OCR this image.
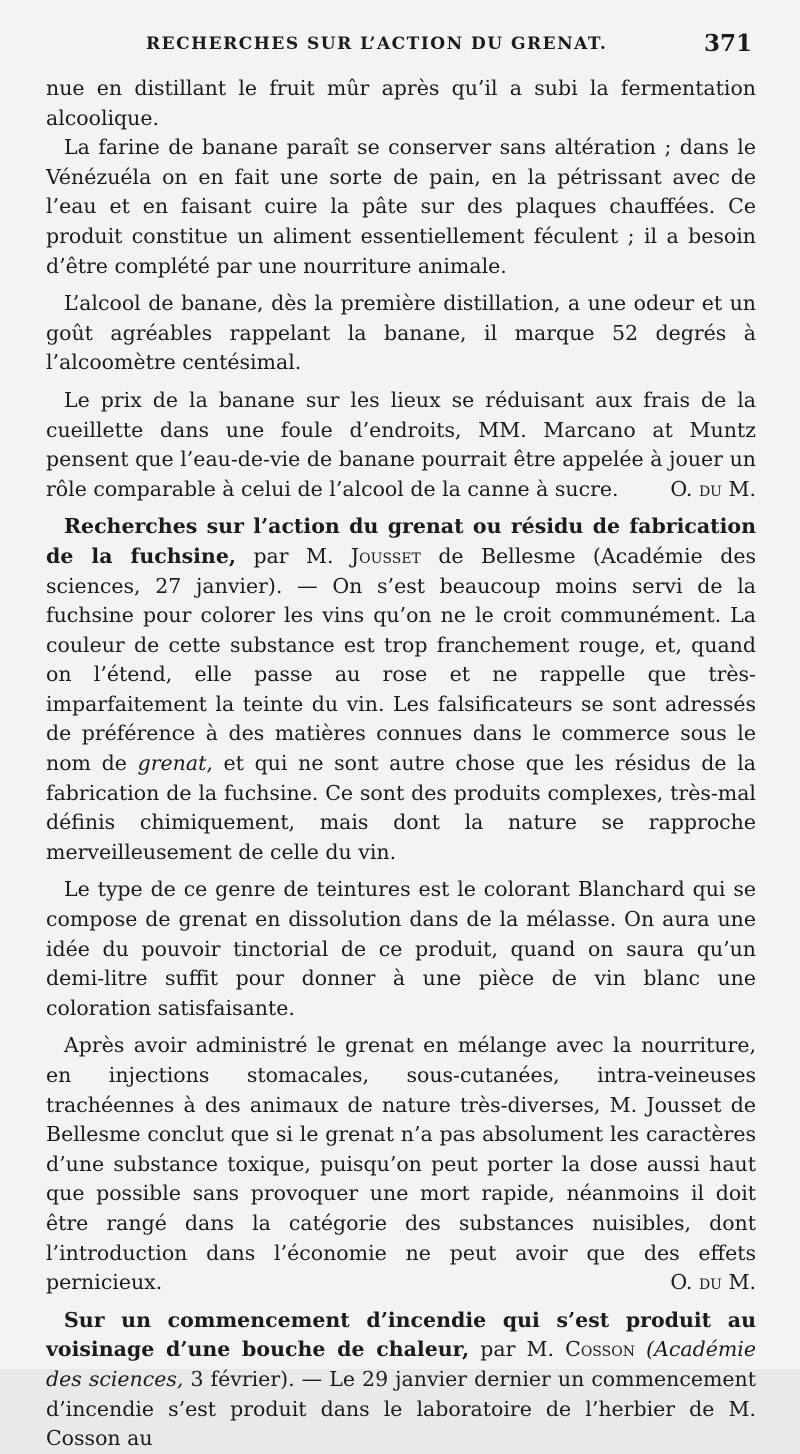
RECHERCHES SUR L’ACTION DU GRENAT.	371

nue en distillant le fruit mûr après qu’il a subi la fermentation alcoolique.

La farine de banane paraît se conserver sans altération ; dans le Vénézuéla on en fait une sorte de pain, en la pétrissant avec de l’eau et en faisant cuire la pâte sur des plaques chauffées. Ce produit constitue un aliment essentiellement féculent ; il a besoin d’être complété par une nourriture animale.

L’alcool de banane, dès la première distillation, a une odeur et un goût agréables rappelant la banane, il marque 52 degrés à l’alcoomètre centésimal.

Le prix de la banane sur les lieux se réduisant aux frais de la cueillette dans une foule d’endroits, MM. Marcano at Muntz pensent que l’eau-de-vie de banane pourrait être appelée à jouer un rôle comparable à celui de l’alcool de la canne à sucre.	O. du M.

Recherches sur l’action du grenat ou résidu de fabrication de la fuchsine, par M. Jousset de Bellesme (Académie des sciences, 27 janvier). — On s’est beaucoup moins servi de la fuchsine pour colorer les vins qu’on ne le croit communément. La couleur de cette substance est trop franchement rouge, et, quand on l’étend, elle passe au rose et ne rappelle que très-imparfaitement la teinte du vin. Les falsificateurs se sont adressés de préférence à des matières connues dans le commerce sous le nom de grenat, et qui ne sont autre chose que les résidus de la fabrication de la fuchsine. Ce sont des produits complexes, très-mal définis chimiquement, mais dont la nature se rapproche merveilleusement de celle du vin.

Le type de ce genre de teintures est le colorant Blanchard qui se compose de grenat en dissolution dans de la mélasse. On aura une idée du pouvoir tinctorial de ce produit, quand on saura qu’un demi-litre suffit pour donner à une pièce de vin blanc une coloration satisfaisante.

Après avoir administré le grenat en mélange avec la nourriture, en injections stomacales, sous-cutanées, intra-veineuses trachéennes à des animaux de nature très-diverses, M. Jousset de Bellesme conclut que si le grenat n’a pas absolument les caractères d’une substance toxique, puisqu’on peut porter la dose aussi haut que possible sans provoquer une mort rapide, néanmoins il doit être rangé dans la catégorie des substances nuisibles, dont l’introduction dans l’économie ne peut avoir que des effets pernicieux.	O. du M.

Sur un commencement d’incendie qui s’est produit au voisinage d’une bouche de chaleur, par M. Cosson (Académie des sciences, 3 février). — Le 29 janvier dernier un commencement d’incendie s’est produit dans le laboratoire de l’herbier de M. Cosson au
